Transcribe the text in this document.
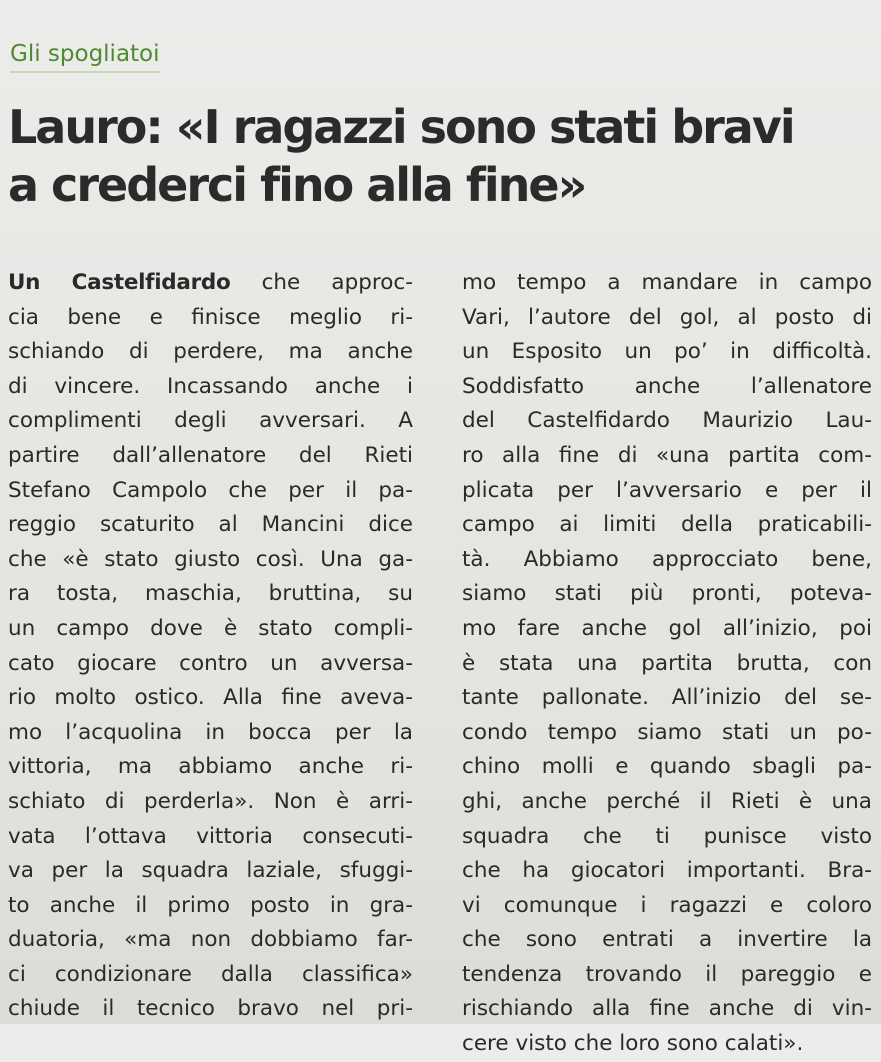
Gli spogliatoi
Lauro: «I ragazzi sono stati bravi
a crederci fino alla fine»
Un Castelfidardo che approc-
cia bene e finisce meglio ri-
schiando di perdere, ma anche
di vincere. Incassando anche i
complimenti degli avversari. A
partire dall’allenatore del Rieti
Stefano Campolo che per il pa-
reggio scaturito al Mancini dice
che «è stato giusto così. Una ga-
ra tosta, maschia, bruttina, su
un campo dove è stato compli-
cato giocare contro un avversa-
rio molto ostico. Alla fine aveva-
mo l’acquolina in bocca per la
vittoria, ma abbiamo anche ri-
schiato di perderla». Non è arri-
vata l’ottava vittoria consecuti-
va per la squadra laziale, sfuggi-
to anche il primo posto in gra-
duatoria, «ma non dobbiamo far-
ci condizionare dalla classifica»
chiude il tecnico bravo nel pri-
mo tempo a mandare in campo
Vari, l’autore del gol, al posto di
un Esposito un po’ in difficoltà.
Soddisfatto anche l’allenatore
del Castelfidardo Maurizio Lau-
ro alla fine di «una partita com-
plicata per l’avversario e per il
campo ai limiti della praticabili-
tà. Abbiamo approcciato bene,
siamo stati più pronti, poteva-
mo fare anche gol all’inizio, poi
è stata una partita brutta, con
tante pallonate. All’inizio del se-
condo tempo siamo stati un po-
chino molli e quando sbagli pa-
ghi, anche perché il Rieti è una
squadra che ti punisce visto
che ha giocatori importanti. Bra-
vi comunque i ragazzi e coloro
che sono entrati a invertire la
tendenza trovando il pareggio e
rischiando alla fine anche di vin-
cere visto che loro sono calati».
